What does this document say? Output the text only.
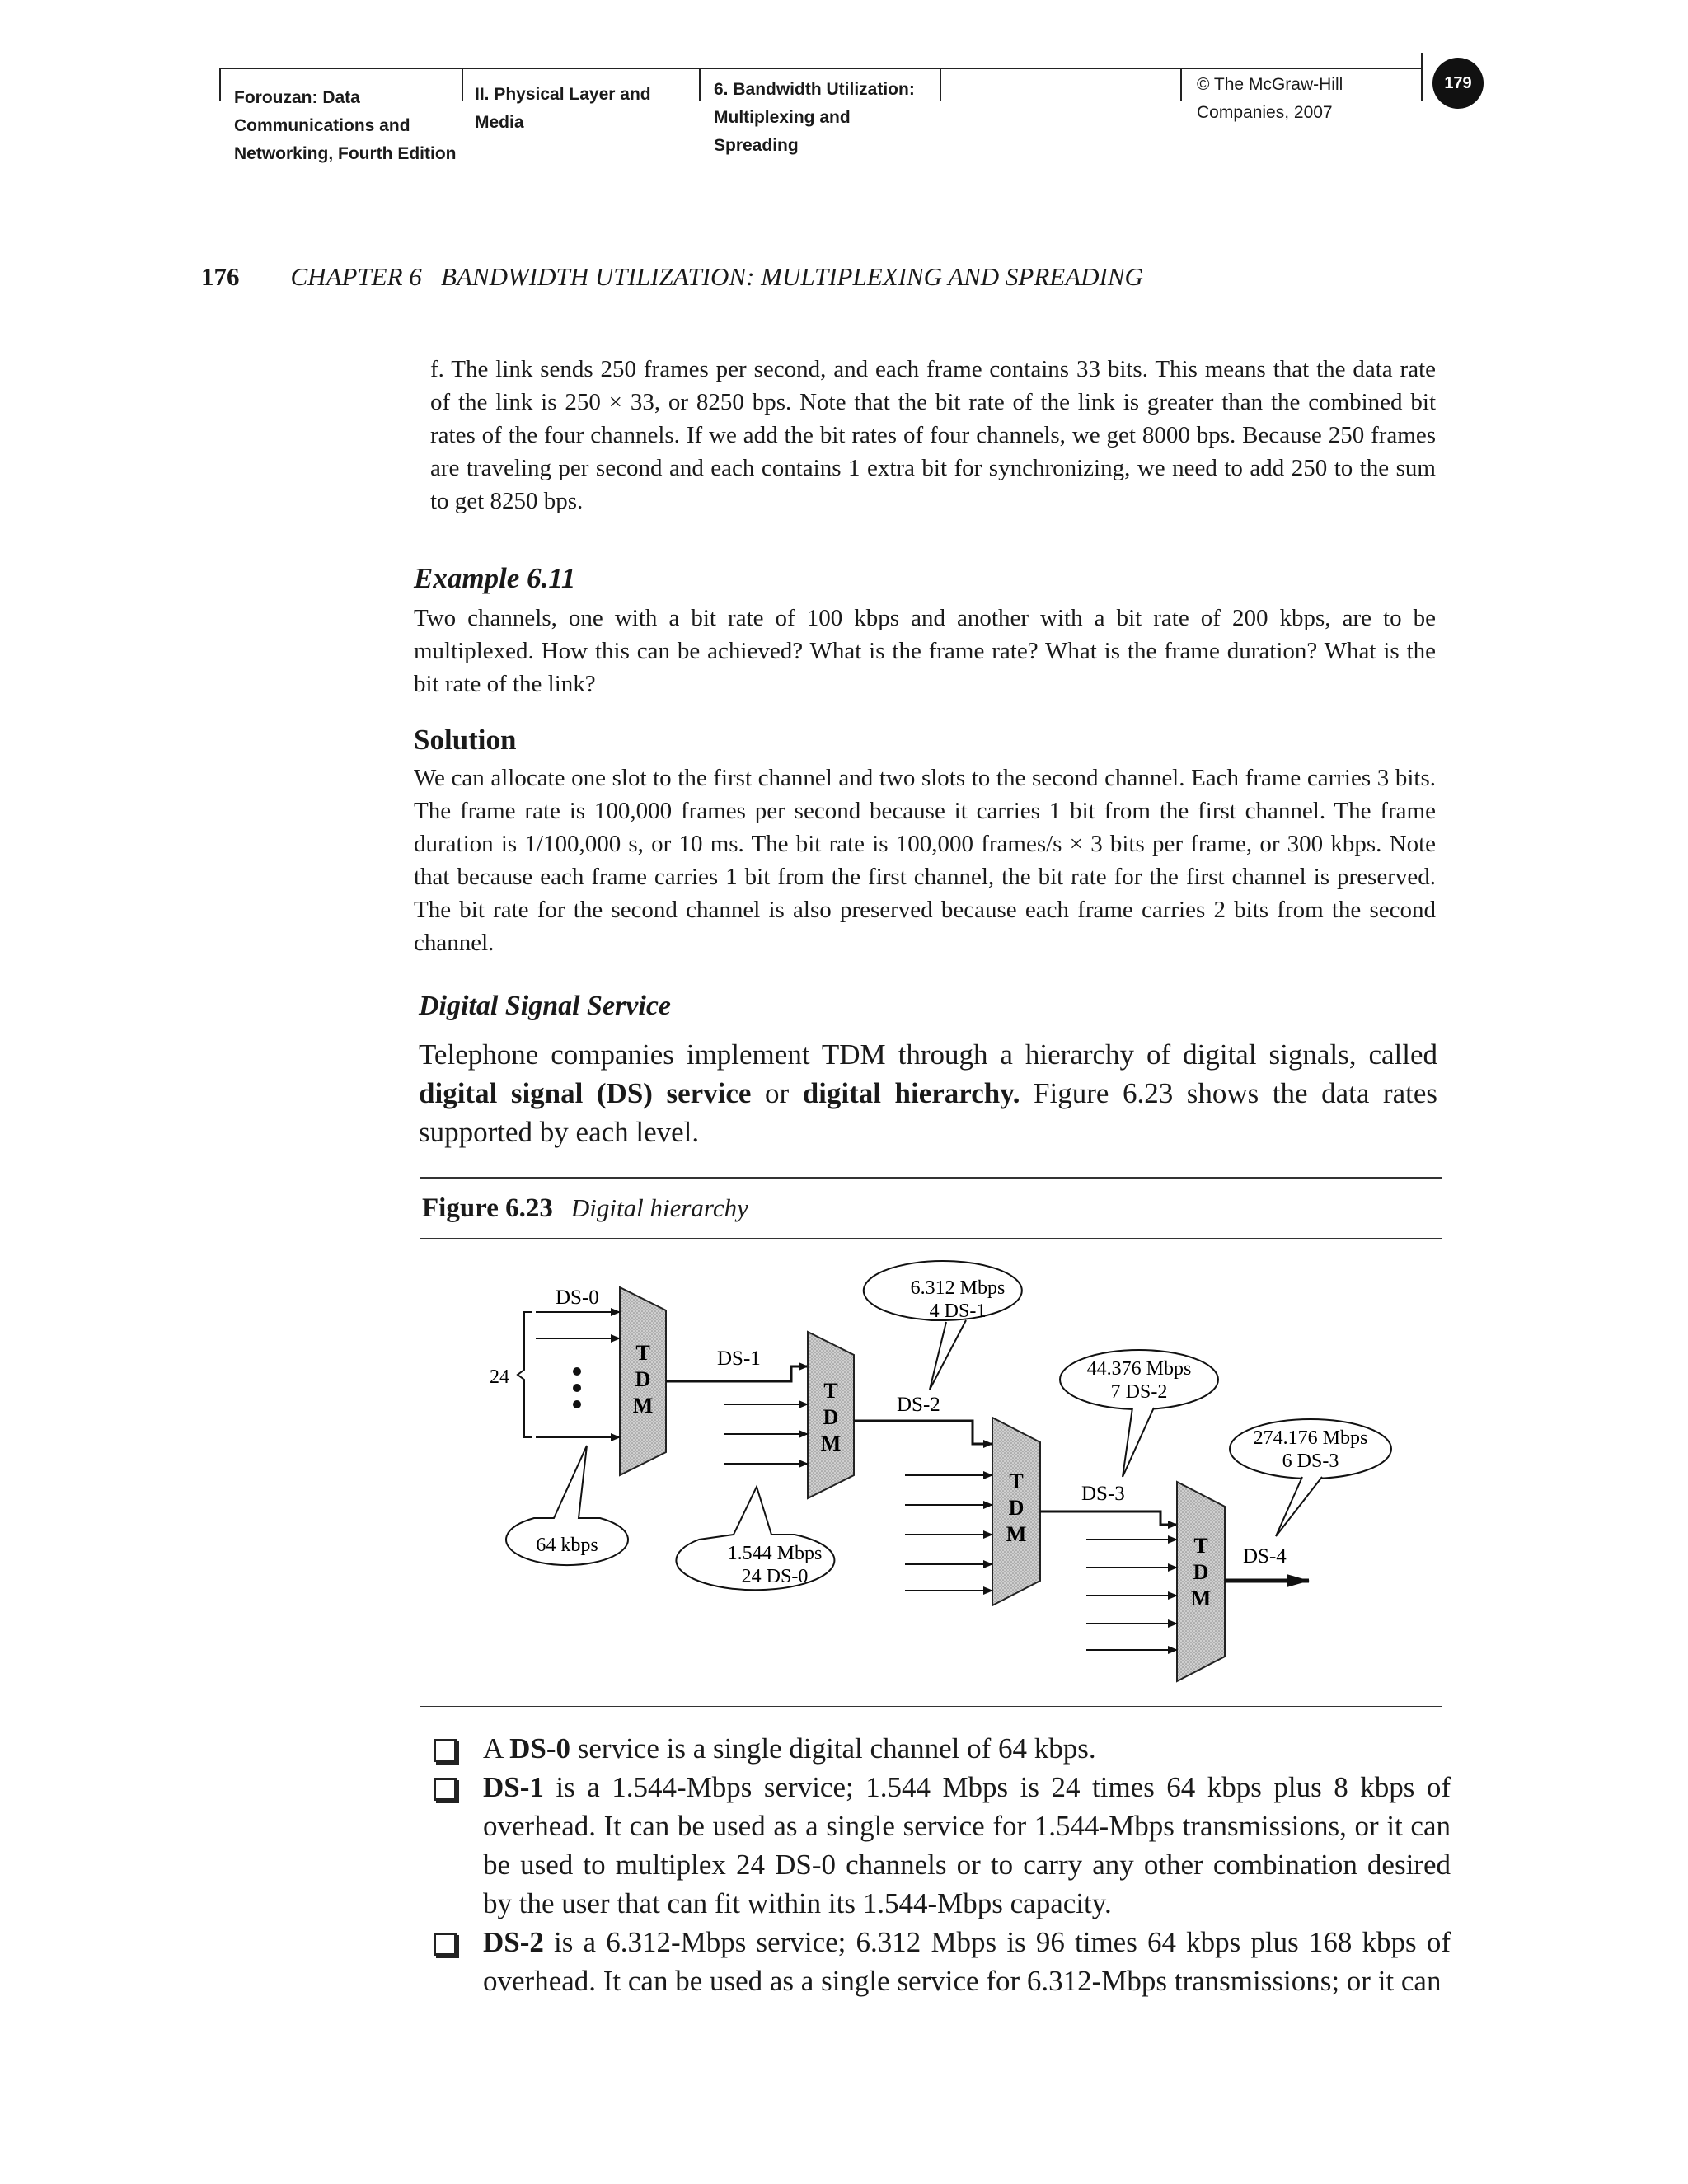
Forouzan: Data
Communications and
Networking, Fourth Edition
II. Physical Layer and
Media
6. Bandwidth Utilization:
Multiplexing and
Spreading
© The McGraw-Hill
Companies, 2007
179
176 CHAPTER 6   BANDWIDTH UTILIZATION: MULTIPLEXING AND SPREADING
f. The link sends 250 frames per second, and each frame contains 33 bits. This means that the data rate of the link is 250 × 33, or 8250 bps. Note that the bit rate of the link is greater than the combined bit rates of the four channels. If we add the bit rates of four channels, we get 8000 bps. Because 250 frames are traveling per second and each contains 1 extra bit for synchronizing, we need to add 250 to the sum to get 8250 bps.
Example 6.11
Two channels, one with a bit rate of 100 kbps and another with a bit rate of 200 kbps, are to be multiplexed. How this can be achieved? What is the frame rate? What is the frame duration? What is the bit rate of the link?
Solution
We can allocate one slot to the first channel and two slots to the second channel. Each frame carries 3 bits. The frame rate is 100,000 frames per second because it carries 1 bit from the first channel. The frame duration is 1/100,000 s, or 10 ms. The bit rate is 100,000 frames/s × 3 bits per frame, or 300 kbps. Note that because each frame carries 1 bit from the first channel, the bit rate for the first channel is preserved. The bit rate for the second channel is also preserved because each frame carries 2 bits from the second channel.
Digital Signal Service
Telephone companies implement TDM through a hierarchy of digital signals, called digital signal (DS) service or digital hierarchy. Figure 6.23 shows the data rates supported by each level.
Figure 6.23 Digital hierarchy
T
D
M
24
DS-0
DS-1
T
D
M
DS-2
T
D
M
DS-3
T
D
M
DS-4
64 kbps	1.544 Mbps
24 DS-0
6.312 Mbps
4 DS-1
44.376 Mbps
7 DS-2
274.176 Mbps
6 DS-3
A DS-0 service is a single digital channel of 64 kbps.
DS-1 is a 1.544-Mbps service; 1.544 Mbps is 24 times 64 kbps plus 8 kbps of overhead. It can be used as a single service for 1.544-Mbps transmissions, or it can be used to multiplex 24 DS-0 channels or to carry any other combination desired by the user that can fit within its 1.544-Mbps capacity.
DS-2 is a 6.312-Mbps service; 6.312 Mbps is 96 times 64 kbps plus 168 kbps of overhead. It can be used as a single service for 6.312-Mbps transmissions; or it can
